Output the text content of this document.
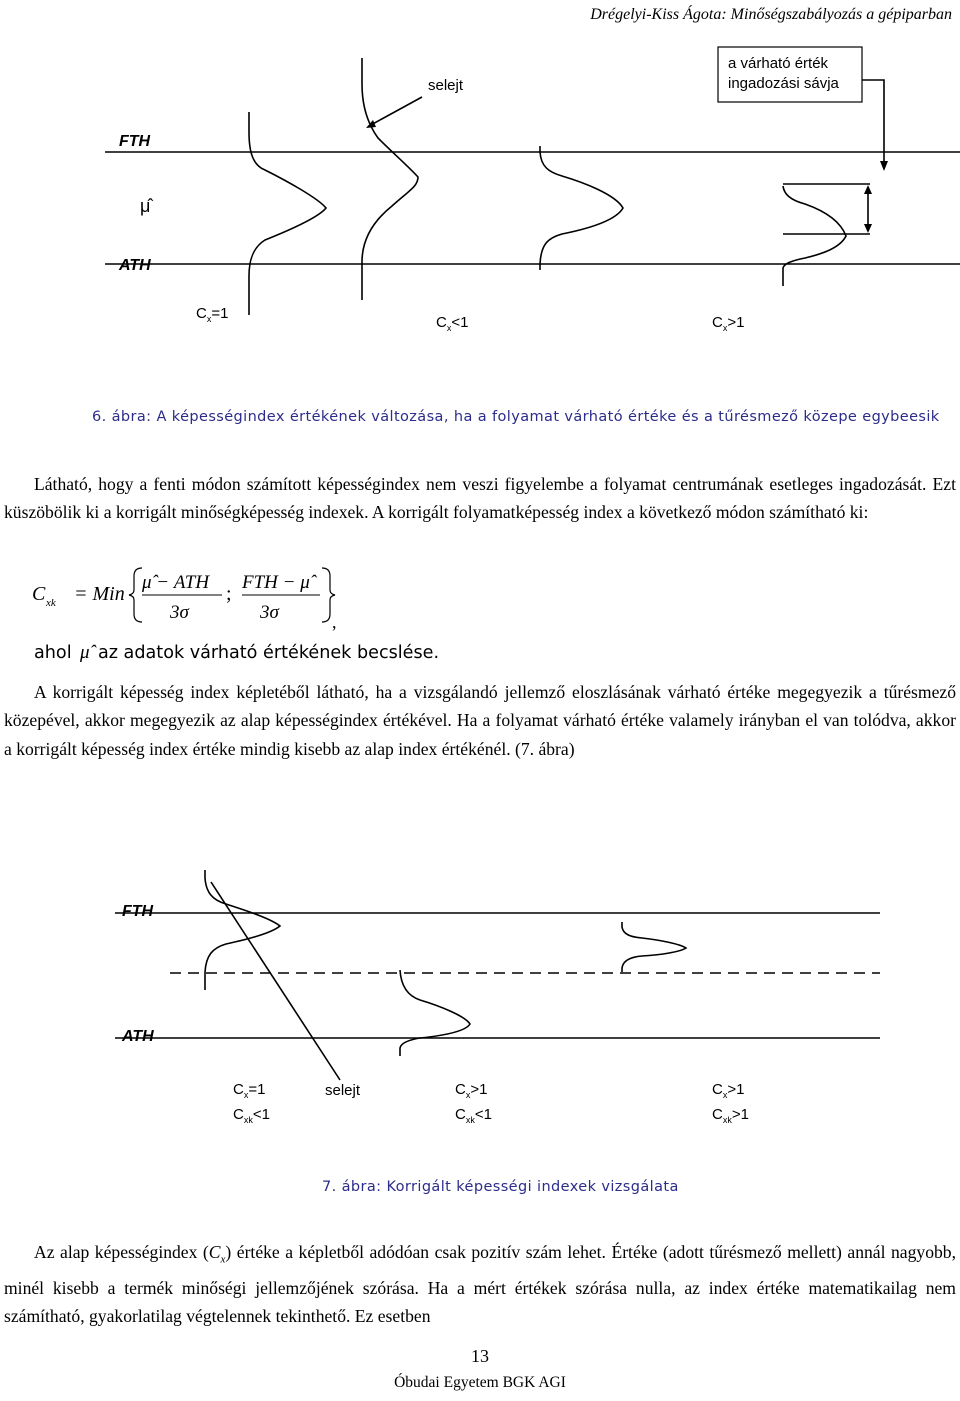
Drégelyi-Kiss Ágota: Minőségszabályozás a gépiparban
FTH
μ̂
ATH
selejt
a várható érték
ingadozási sávja
$C_x=1$
$C_x<1$	$C_x>1$
6. ábra: A képességindex értékének változása, ha a folyamat várható értéke és a tűrésmező közepe egybeesik
Látható, hogy a fenti módon számított képességindex nem veszi figyelembe a folyamat centrumának esetleges ingadozását. Ezt küszöbölik ki a korrigált minőségképesség indexek. A korrigált folyamatképesség index a következő módon számítható ki:
C xk = Min
μ̂ − ATH
3σ
;
FTH − μ̂
3σ	,
ahol μ̂ az adatok várható értékének becslése.
A korrigált képesség index képletéből látható, ha a vizsgálandó jellemző eloszlásának várható értéke megegyezik a tűrésmező közepével, akkor megegyezik az alap képességindex értékével. Ha a folyamat várható értéke valamely irányban el van tolódva, akkor a korrigált képesség index értéke mindig kisebb az alap index értékénél. (7. ábra)
FTH
ATH
selejt
$C_x=1$
$C_{xk}<1$
$C_x>1$
$C_{xk}<1$
$C_x>1$
$C_{xk}>1$
7. ábra: Korrigált képességi indexek vizsgálata
Az alap képességindex $(C_x)$ értéke a képletből adódóan csak pozitív szám lehet. Értéke (adott tűrésmező mellett) annál nagyobb, minél kisebb a termék minőségi jellemzőjének szórása. Ha a mért értékek szórása nulla, az index értéke matematikailag nem számítható, gyakorlatilag végtelennek tekinthető. Ez esetben
13
Óbudai Egyetem BGK AGI
